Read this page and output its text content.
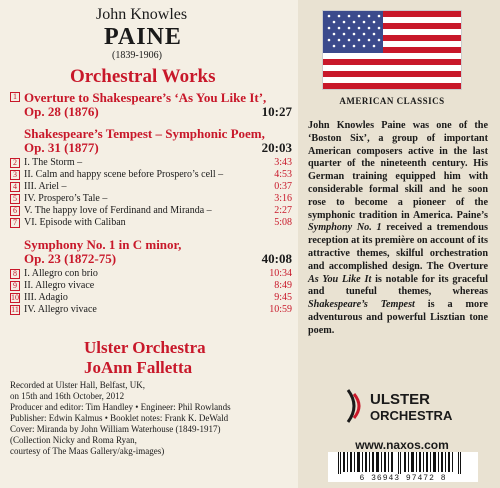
John Knowles
PAINE
(1839-1906)
Orchestral Works
1 Overture to Shakespeare’s ‘As You Like It’,
Op. 28 (1876)	10:27
Shakespeare’s Tempest – Symphonic Poem,
Op. 31 (1877)	20:03
2 I. The Storm –	3:43
3 II. Calm and happy scene before Prospero’s cell –	4:53
4 III. Ariel –	0:37
5 IV. Prospero’s Tale –	3:16
6 V. The happy love of Ferdinand and Miranda –	2:27
7 VI. Episode with Caliban	5:08
Symphony No. 1 in C minor,
Op. 23 (1872-75)	40:08
8 I. Allegro con brio	10:34
9 II. Allegro vivace	8:49
10 III. Adagio	9:45
11 IV. Allegro vivace	10:59
Ulster Orchestra
JoAnn Falletta
Recorded at Ulster Hall, Belfast, UK,
on 15th and 16th October, 2012
Producer and editor: Tim Handley • Engineer: Phil Rowlands
Publisher: Edwin Kalmus • Booklet notes: Frank K. DeWald
Cover: Miranda by John William Waterhouse (1849-1917)
(Collection Nicky and Roma Ryan,
courtesy of The Maas Gallery/akg-images)
AMERICAN CLASSICS
John Knowles Paine was one of the ‘Boston Six’, a group of important American composers active in the last quarter of the nineteenth century. His German training equipped him with considerable formal skill and he soon rose to become a pioneer of the symphonic tradition in America. Paine’s Symphony No. 1 received a tremendous reception at its première on account of its attractive themes, skilful orchestration and accomplished design. The Overture As You Like It is notable for its graceful and tuneful themes, whereas Shakespeare’s Tempest is a more adventurous and powerful Lisztian tone poem.
ULSTER
ORCHESTRA
www.naxos.com
6 36943 97472 8
